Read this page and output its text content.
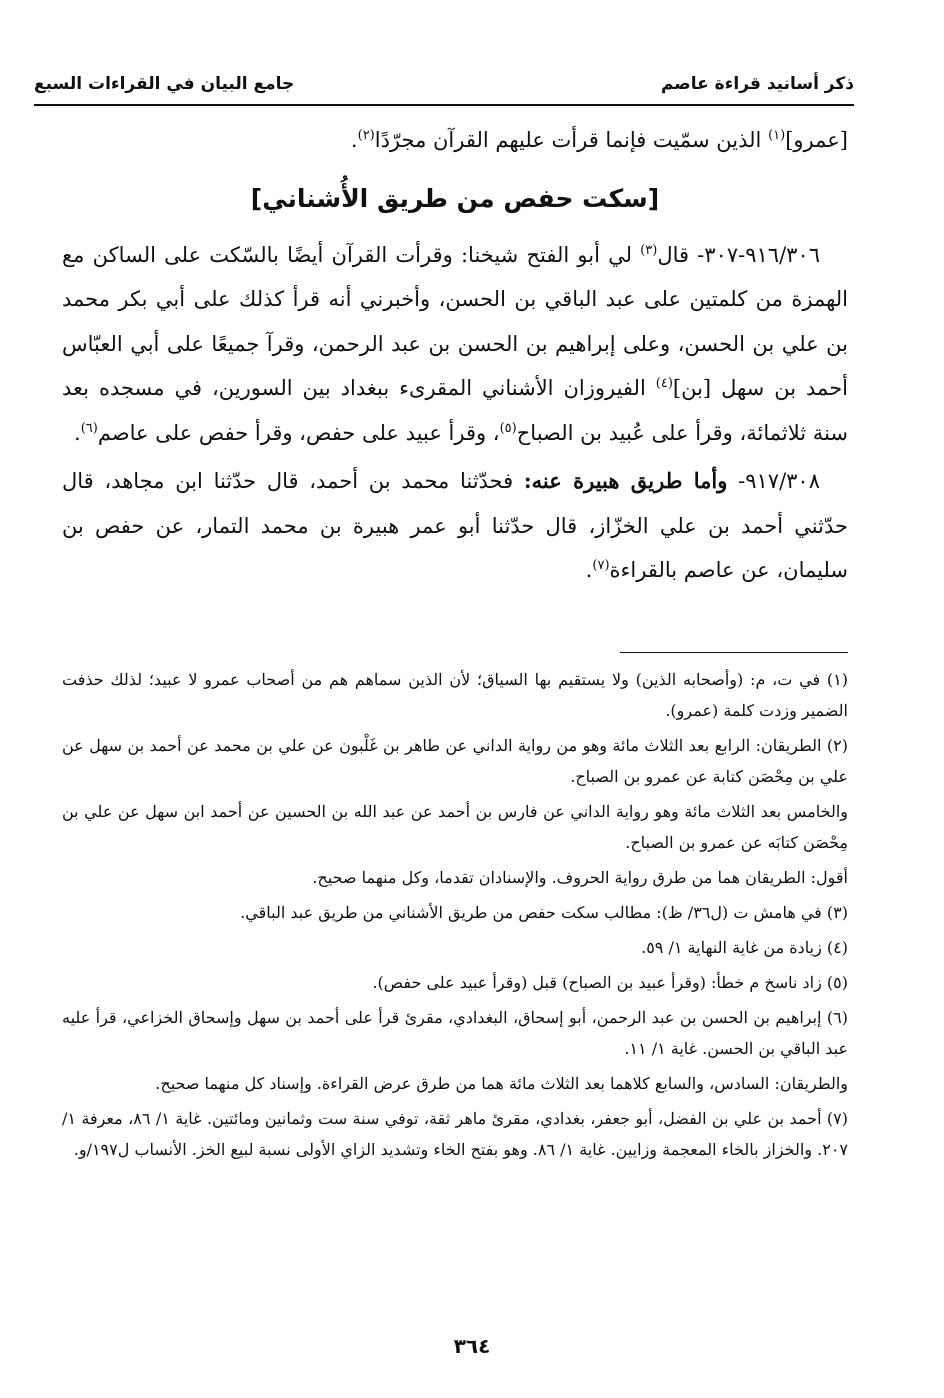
ذكر أسانيد قراءة عاصم
جامع البيان في القراءات السبع

[عمرو]$^{(١)}$ الذين سمّيت فإنما قرأت عليهم القرآن مجرّدًا$^{(٢)}$.

[سكت حفص من طريق الأُشناني]

٩١٦/٣٠٦-٣٠٧- قال$^{(٣)}$ لي أبو الفتح شيخنا: وقرأت القرآن أيضًا بالسّكت على الساكن مع الهمزة من كلمتين على عبد الباقي بن الحسن، وأخبرني أنه قرأ كذلك على أبي بكر محمد بن علي بن الحسن، وعلى إبراهيم بن الحسن بن عبد الرحمن، وقرآ جميعًا على أبي العبّاس أحمد بن سهل [بن]$^{(٤)}$ الفيروزان الأشناني المقرىء ببغداد بين السورين، في مسجده بعد سنة ثلاثمائة، وقرأ على عُبيد بن الصباح$^{(٥)}$، وقرأ عبيد على حفص، وقرأ حفص على عاصم$^{(٦)}$.

٩١٧/٣٠٨- وأما طريق هبيرة عنه: فحدّثنا محمد بن أحمد، قال حدّثنا ابن مجاهد، قال حدّثني أحمد بن علي الخزّاز، قال حدّثنا أبو عمر هبيرة بن محمد التمار، عن حفص بن سليمان، عن عاصم بالقراءة$^{(٧)}$.

(١) في ت، م: (وأصحابه الذين) ولا يستقيم بها السياق؛ لأن الذين سماهم هم من أصحاب عمرو لا عبيد؛ لذلك حذفت الضمير وزدت كلمة (عمرو).

(٢) الطريقان: الرابع بعد الثلاث مائة وهو من رواية الداني عن طاهر بن غَلْبون عن علي بن محمد عن أحمد بن سهل عن علي بن مِحْصَن كتابة عن عمرو بن الصباح.

والخامس بعد الثلاث مائة وهو رواية الداني عن فارس بن أحمد عن عبد الله بن الحسين عن أحمد ابن سهل عن علي بن مِحْصَن كتابَه عن عمرو بن الصباح.

أقول: الطريقان هما من طرق رواية الحروف. والإسنادان تقدما، وكل منهما صحيح.

(٣) في هامش ت (ل٣٦/ ظ): مطالب سكت حفص من طريق الأشناني من طريق عبد الباقي.

(٤) زيادة من غاية النهاية ١/ ٥٩.

(٥) زاد ناسخ م خطأ: (وقرأ عبيد بن الصباح) قبل (وقرأ عبيد على حفص).

(٦) إبراهيم بن الحسن بن عبد الرحمن، أبو إسحاق، البغدادي، مقرئ قرأ على أحمد بن سهل وإسحاق الخزاعي، قرأ عليه عبد الباقي بن الحسن. غاية ١/ ١١.

والطريقان: السادس، والسابع كلاهما بعد الثلاث مائة هما من طرق عرض القراءة. وإسناد كل منهما صحيح.

(٧) أحمد بن علي بن الفضل، أبو جعفر، بغدادي، مقرئ ماهر ثقة، توفي سنة ست وثمانين ومائتين. غاية ١/ ٨٦، معرفة ١/ ٢٠٧. والخزاز بالخاء المعجمة وزايين. غاية ١/ ٨٦. وهو بفتح الخاء وتشديد الزاي الأولى نسبة لبيع الخز. الأنساب ل١٩٧/و.

٣٦٤
